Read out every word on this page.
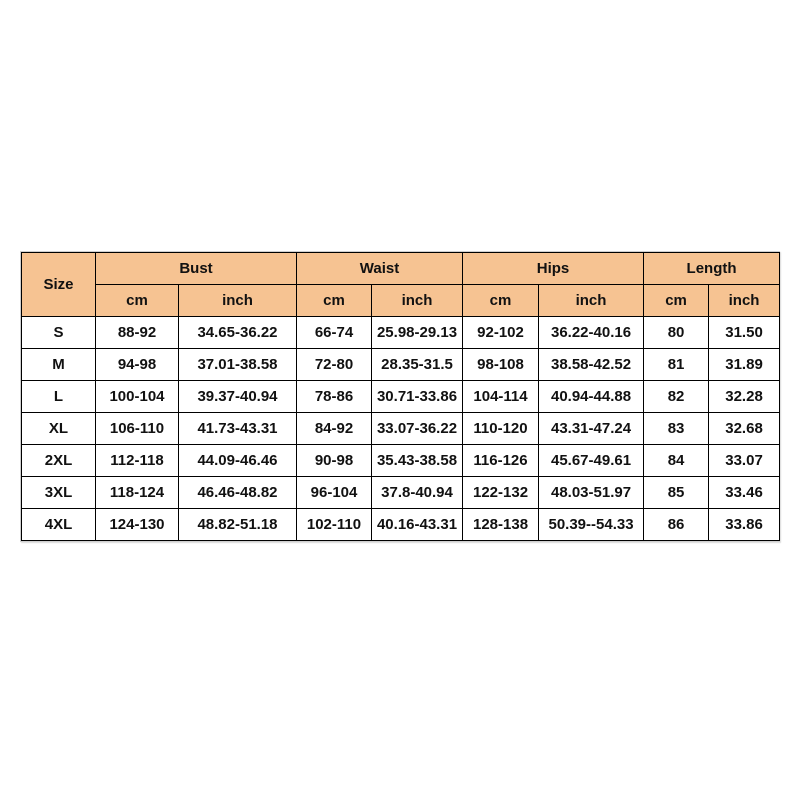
Size	Bust		Waist		Hips		Length	
	cm	inch	cm	inch	cm	inch	cm	inch
S	88-92	34.65-36.22	66-74	25.98-29.13	92-102	36.22-40.16	80	31.50
M	94-98	37.01-38.58	72-80	28.35-31.5	98-108	38.58-42.52	81	31.89
L	100-104	39.37-40.94	78-86	30.71-33.86	104-114	40.94-44.88	82	32.28
XL	106-110	41.73-43.31	84-92	33.07-36.22	110-120	43.31-47.24	83	32.68
2XL	112-118	44.09-46.46	90-98	35.43-38.58	116-126	45.67-49.61	84	33.07
3XL	118-124	46.46-48.82	96-104	37.8-40.94	122-132	48.03-51.97	85	33.46
4XL	124-130	48.82-51.18	102-110	40.16-43.31	128-138	50.39--54.33	86	33.86
